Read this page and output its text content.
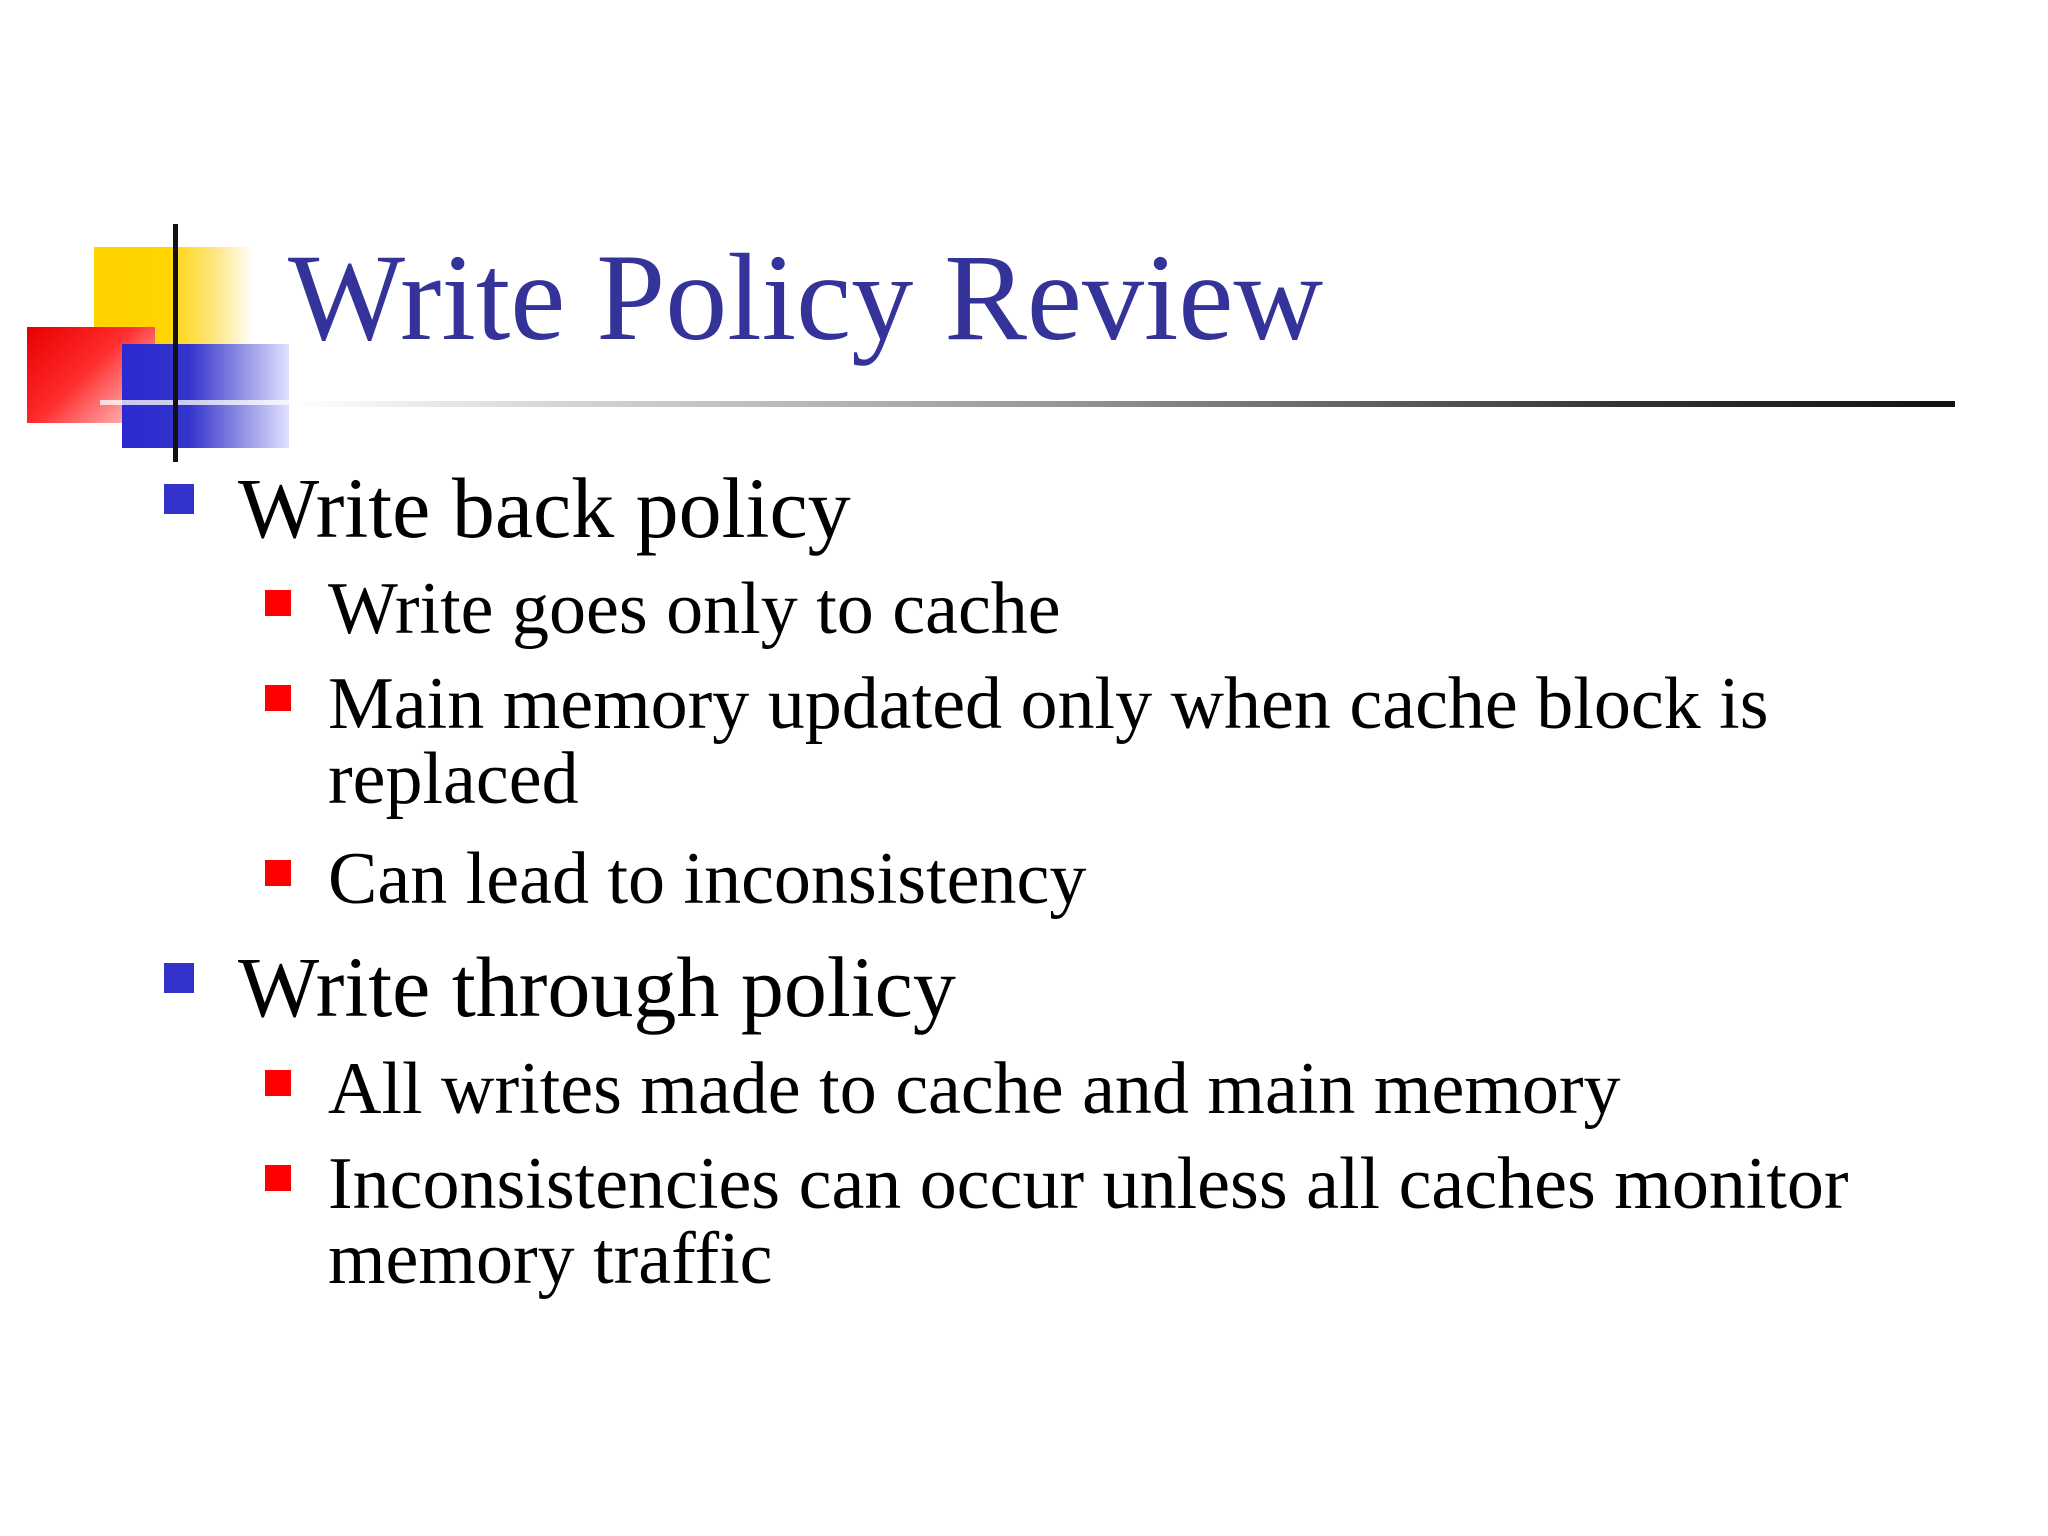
Write Policy Review
Write back policy
Write goes only to cache
Main memory updated only when cache block is
replaced
Can lead to inconsistency
Write through policy
All writes made to cache and main memory
Inconsistencies can occur unless all caches monitor
memory traffic
